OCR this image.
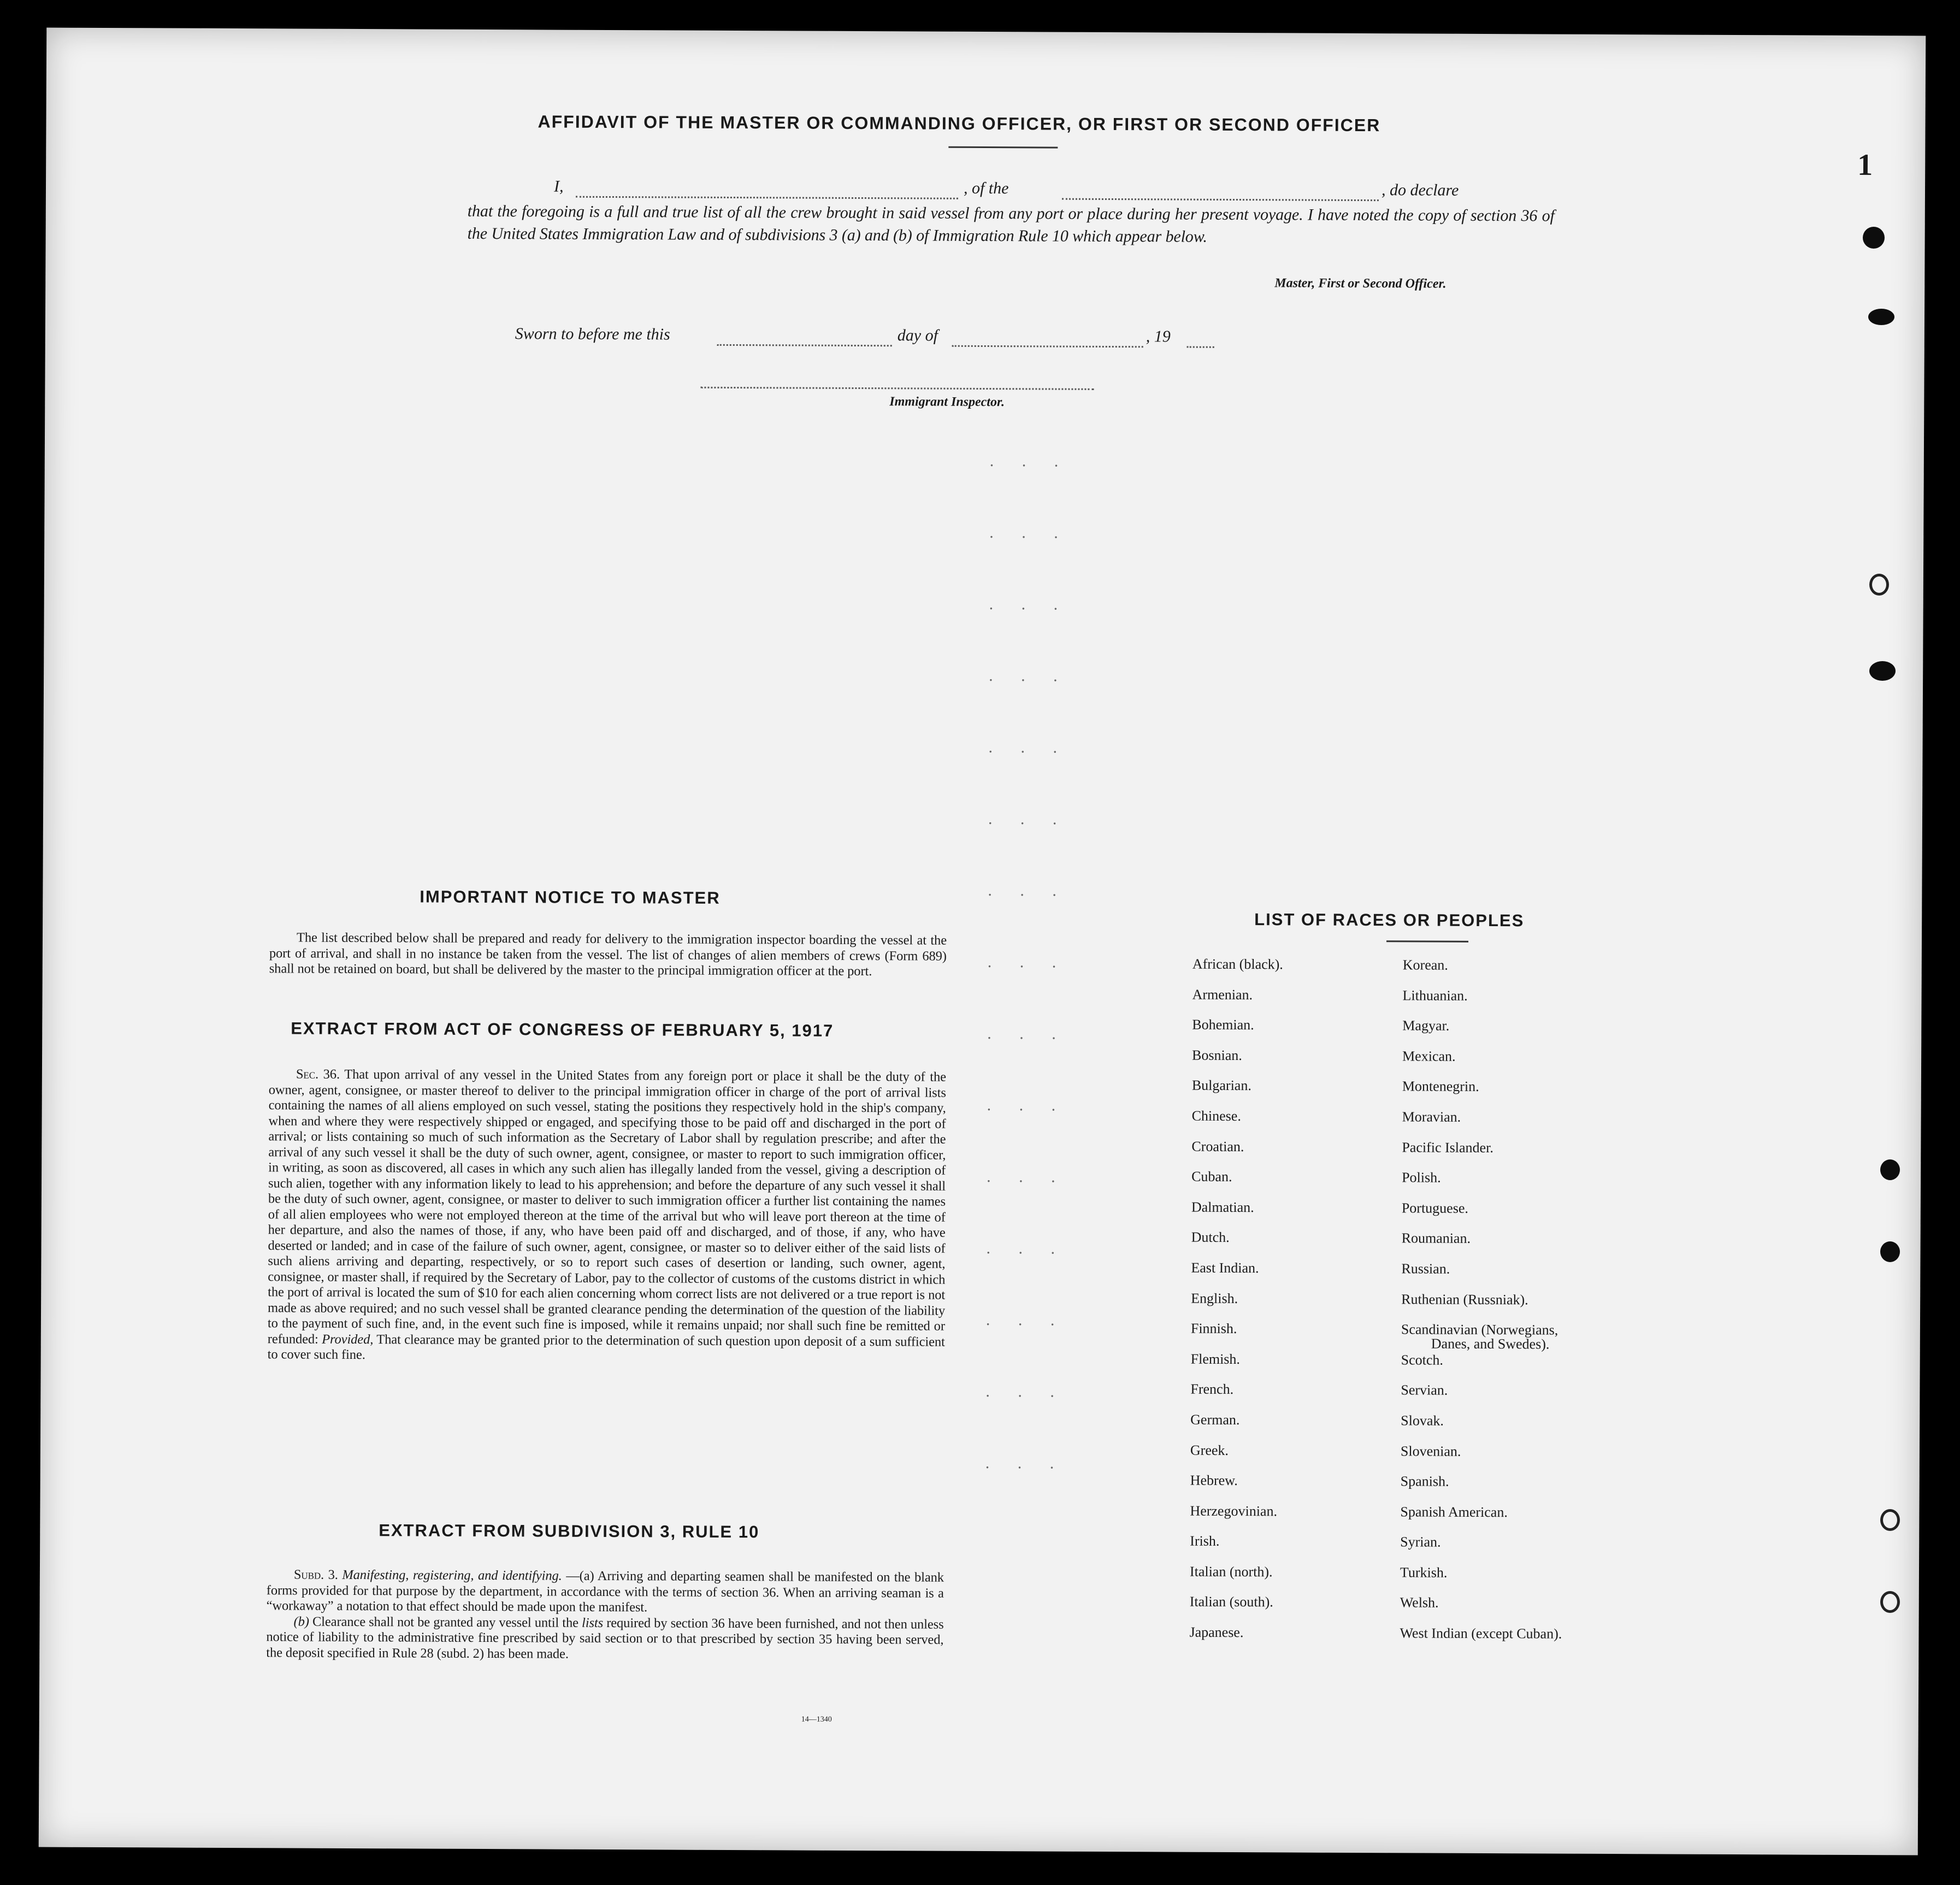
1
AFFIDAVIT OF THE MASTER OR COMMANDING OFFICER, OR FIRST OR SECOND OFFICER
I,	, of the	, do declare

that the foregoing is a full and true list of all the crew brought in said vessel from any port or place during her present voyage. I have noted the copy of section 36 of the United States Immigration Law and of subdivisions 3 (a) and (b) of Immigration Rule 10 which appear below.

Master, First or Second Officer.
Sworn to before me this	day of	, 19
Immigrant Inspector.
. . .
. . .
. . .
. . .
. . .
. . .
. . .
. . .
. . .
. . .
. . .
. . .
. . .
. . .
. . .
IMPORTANT NOTICE TO MASTER

The list described below shall be prepared and ready for delivery to the immigration inspector boarding the vessel at the port of arrival, and shall in no instance be taken from the vessel. The list of changes of alien members of crews (Form 689) shall not be retained on board, but shall be delivered by the master to the principal immigration officer at the port.

EXTRACT FROM ACT OF CONGRESS OF FEBRUARY 5, 1917

Sec. 36. That upon arrival of any vessel in the United States from any foreign port or place it shall be the duty of the owner, agent, consignee, or master thereof to deliver to the principal immigration officer in charge of the port of arrival lists containing the names of all aliens employed on such vessel, stating the positions they respectively hold in the ship's company, when and where they were respectively shipped or engaged, and specifying those to be paid off and discharged in the port of arrival; or lists containing so much of such information as the Secretary of Labor shall by regulation prescribe; and after the arrival of any such vessel it shall be the duty of such owner, agent, consignee, or master to report to such immigration officer, in writing, as soon as discovered, all cases in which any such alien has illegally landed from the vessel, giving a description of such alien, together with any information likely to lead to his apprehension; and before the departure of any such vessel it shall be the duty of such owner, agent, consignee, or master to deliver to such immigration officer a further list containing the names of all alien employees who were not employed thereon at the time of the arrival but who will leave port thereon at the time of her departure, and also the names of those, if any, who have been paid off and discharged, and of those, if any, who have deserted or landed; and in case of the failure of such owner, agent, consignee, or master so to deliver either of the said lists of such aliens arriving and departing, respectively, or so to report such cases of desertion or landing, such owner, agent, consignee, or master shall, if required by the Secretary of Labor, pay to the collector of customs of the customs district in which the port of arrival is located the sum of $10 for each alien concerning whom correct lists are not delivered or a true report is not made as above required; and no such vessel shall be granted clearance pending the determination of the question of the liability to the payment of such fine, and, in the event such fine is imposed, while it remains unpaid; nor shall such fine be remitted or refunded: Provided, That clearance may be granted prior to the determination of such question upon deposit of a sum sufficient to cover such fine.

EXTRACT FROM SUBDIVISION 3, RULE 10

Subd. 3. Manifesting, registering, and identifying. —(a) Arriving and departing seamen shall be manifested on the blank forms provided for that purpose by the department, in accordance with the terms of section 36. When an arriving seaman is a “workaway” a notation to that effect should be made upon the manifest.

(b) Clearance shall not be granted any vessel until the lists required by section 36 have been furnished, and not then unless notice of liability to the administrative fine prescribed by said section or to that prescribed by section 35 having been served, the deposit specified in Rule 28 (subd. 2) has been made.

14—1340
LIST OF RACES OR PEOPLES
African (black).
Armenian.
Bohemian.
Bosnian.
Bulgarian.
Chinese.
Croatian.
Cuban.
Dalmatian.
Dutch.
East Indian.
English.
Finnish.
Flemish.
French.
German.
Greek.
Hebrew.
Herzegovinian.
Irish.
Italian (north).
Italian (south).
Japanese.
Korean.
Lithuanian.
Magyar.
Mexican.
Montenegrin.
Moravian.
Pacific Islander.
Polish.
Portuguese.
Roumanian.
Russian.
Ruthenian (Russniak).
Scandinavian (Norwegians,
Danes, and Swedes).
Scotch.
Servian.
Slovak.
Slovenian.
Spanish.
Spanish American.
Syrian.
Turkish.
Welsh.
West Indian (except Cuban).
